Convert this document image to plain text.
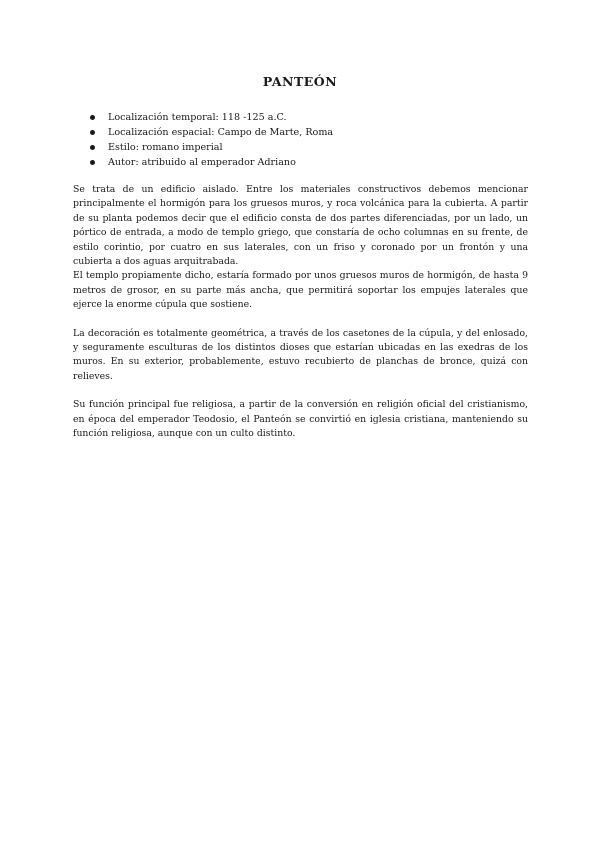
PANTEÓN
Localización temporal: 118 -125 a.C.
Localización espacial: Campo de Marte, Roma
Estilo: romano imperial
Autor: atribuido al emperador Adriano

Se trata de un edificio aislado. Entre los materiales constructivos debemos mencionar principalmente el hormigón para los gruesos muros, y roca volcánica para la cubierta. A partir de su planta podemos decir que el edificio consta de dos partes diferenciadas, por un lado, un pórtico de entrada, a modo de templo griego, que constaría de ocho columnas en su frente, de estilo corintio, por cuatro en sus laterales, con un friso y coronado por un frontón y una cubierta a dos aguas arquitrabada.

El templo propiamente dicho, estaría formado por unos gruesos muros de hormigón, de hasta 9 metros de grosor, en su parte más ancha, que permitirá soportar los empujes laterales que ejerce la enorme cúpula que sostiene.

La decoración es totalmente geométrica, a través de los casetones de la cúpula, y del enlosado, y seguramente esculturas de los distintos dioses que estarían ubicadas en las exedras de los muros. En su exterior, probablemente, estuvo recubierto de planchas de bronce, quizá con relieves.

Su función principal fue religiosa, a partir de la conversión en religión oficial del cristianismo, en época del emperador Teodosio, el Panteón se convirtió en iglesia cristiana, manteniendo su función religiosa, aunque con un culto distinto.
